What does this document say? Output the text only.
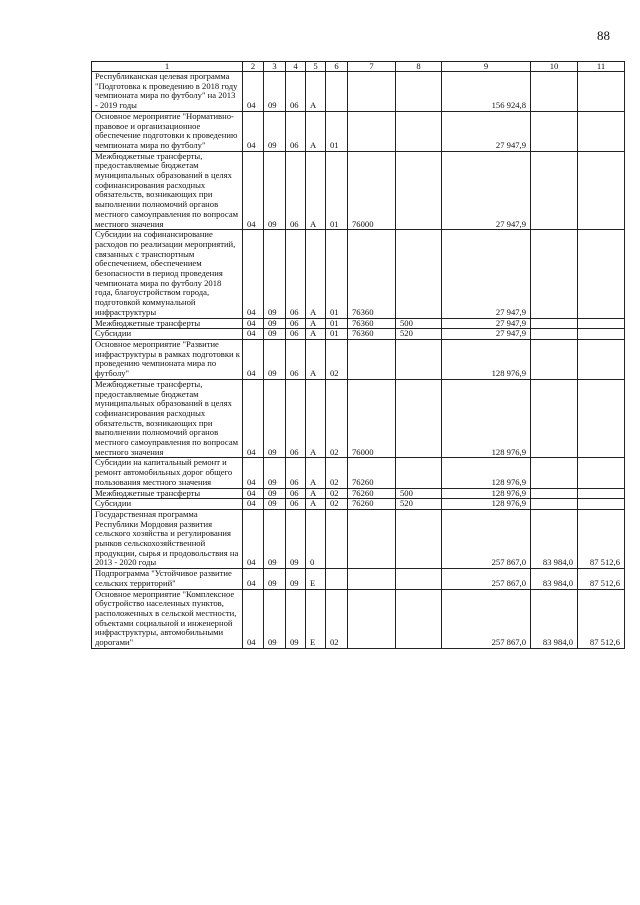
88
1	2	3	4	5	6	7	8	9	10	11
Республиканская целевая программа "Подготовка к проведению в 2018 году чемпионата мира по футболу" на 2013 - 2019 годы	04	09	06	А				156 924,8		
Основное мероприятие "Нормативно-правовое и организационное обеспечение подготовки к проведению чемпионата мира по футболу"	04	09	06	А	01			27 947,9		
Межбюджетные трансферты, предоставляемые бюджетам муниципальных образований в целях софинансирования расходных обязательств, возникающих при выполнении полномочий органов местного самоуправления по вопросам местного значения	04	09	06	А	01	76000		27 947,9		
Субсидии на софинансирование расходов по реализации мероприятий, связанных с транспортным обеспечением, обеспечением безопасности в период проведения чемпионата мира по футболу 2018 года, благоустройством города, подготовкой коммунальной инфраструктуры	04	09	06	А	01	76360		27 947,9		
Межбюджетные трансферты	04	09	06	А	01	76360	500	27 947,9		
Субсидии	04	09	06	А	01	76360	520	27 947,9		
Основное мероприятие "Развитие инфраструктуры в рамках подготовки к проведению чемпионата мира по футболу"	04	09	06	А	02			128 976,9		
Межбюджетные трансферты, предоставляемые бюджетам муниципальных образований в целях софинансирования расходных обязательств, возникающих при выполнении полномочий органов местного самоуправления по вопросам местного значения	04	09	06	А	02	76000		128 976,9		
Субсидии на капитальный ремонт и ремонт автомобильных дорог общего пользования местного значения	04	09	06	А	02	76260		128 976,9		
Межбюджетные трансферты	04	09	06	А	02	76260	500	128 976,9		
Субсидии	04	09	06	А	02	76260	520	128 976,9		
Государственная программа Республики Мордовия развития сельского хозяйства и регулирования рынков сельскохозяйственной продукции, сырья и продовольствия на 2013 - 2020 годы	04	09	09	0				257 867,0	83 984,0	87 512,6
Подпрограмма "Устойчивое развитие сельских территорий"	04	09	09	Е				257 867,0	83 984,0	87 512,6
Основное мероприятие "Комплексное обустройство населенных пунктов, расположенных в сельской местности, объектами социальной и инженерной инфраструктуры, автомобильными дорогами"	04	09	09	Е	02			257 867,0	83 984,0	87 512,6
